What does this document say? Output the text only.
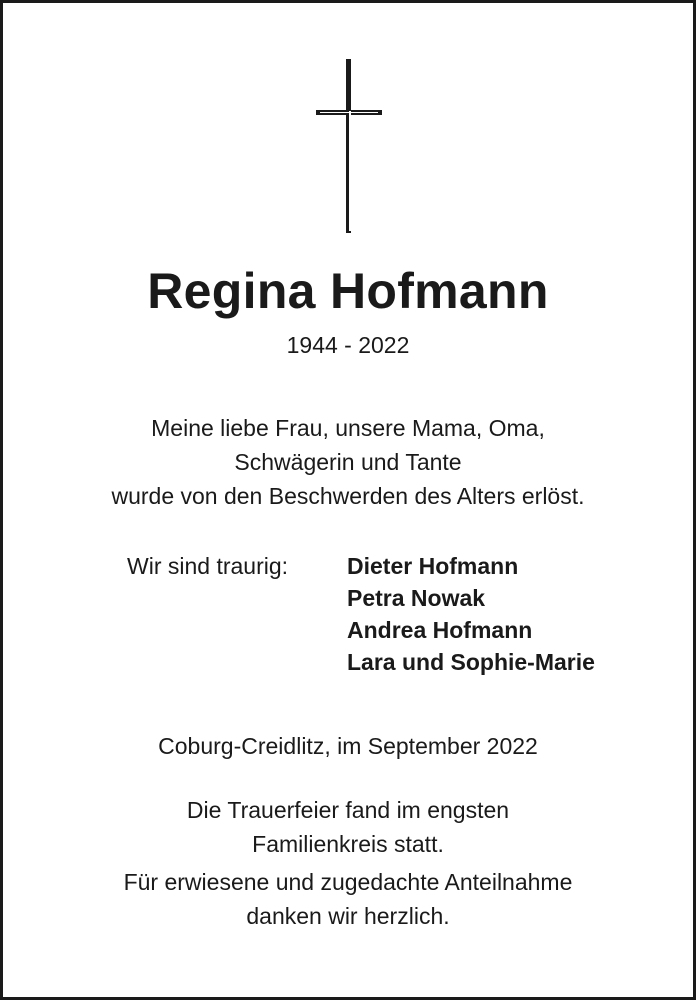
Regina Hofmann
1944 - 2022
Meine liebe Frau, unsere Mama, Oma,
Schwägerin und Tante
wurde von den Beschwerden des Alters erlöst.
Wir sind traurig:	Dieter Hofmann
Petra Nowak
Andrea Hofmann
Lara und Sophie-Marie
Coburg-Creidlitz, im September 2022
Die Trauerfeier fand im engsten
Familienkreis statt.
Für erwiesene und zugedachte Anteilnahme
danken wir herzlich.
